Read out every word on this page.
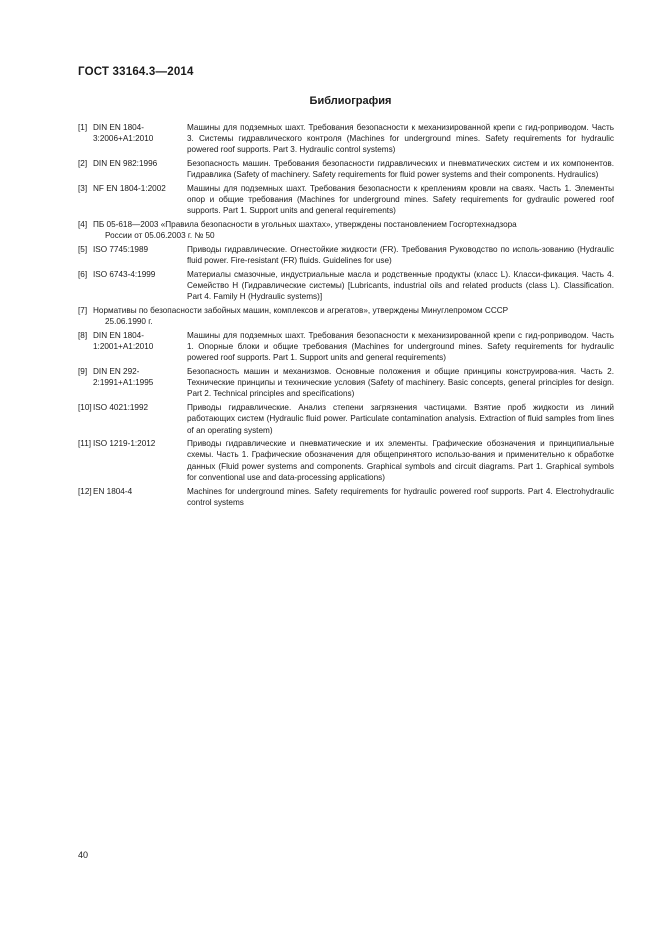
ГОСТ 33164.3—2014
Библиография
[1] DIN EN 1804-3:2006+A1:2010
Машины для подземных шахт. Требования безопасности к механизированной крепи с гид-роприводом. Часть 3. Системы гидравлического контроля (Machines for underground mines. Safety requirements for hydraulic powered roof supports. Part 3. Hydraulic control systems)
[2] DIN EN 982:1996	Безопасность машин. Требования безопасности гидравлических и пневматических систем и их компонентов. Гидравлика (Safety of machinery. Safety requirements for fluid power systems and their components. Hydraulics)
[3] NF EN 1804-1:2002	Машины для подземных шахт. Требования безопасности к креплениям кровли на сваях. Часть 1. Элементы опор и общие требования (Machines for underground mines. Safety requirements for gydraulic powered roof supports. Part 1. Support units and general requirements)
[4] ПБ 05-618—2003 «Правила безопасности в угольных шахтах», утверждены постановлением Госгортехнадзора
России от 05.06.2003 г. № 50
[5] ISO 7745:1989	Приводы гидравлические. Огнестойкие жидкости (FR). Требования Руководство по исполь-зованию (Hydraulic fluid power. Fire-resistant (FR) fluids. Guidelines for use)
[6] ISO 6743-4:1999	Материалы смазочные, индустриальные масла и родственные продукты (класс L). Класси-фикация. Часть 4. Семейство H (Гидравлические системы) [Lubricants, industrial oils and related products (class L). Classification. Part 4. Family H (Hydraulic systems)]
[7] Нормативы по безопасности забойных машин, комплексов и агрегатов», утверждены Минуглепромом СССР
25.06.1990 г.
[8] DIN EN 1804-1:2001+A1:2010
Машины для подземных шахт. Требования безопасности к механизированной крепи с гид-роприводом. Часть 1. Опорные блоки и общие требования (Machines for underground mines. Safety requirements for hydraulic powered roof supports. Part 1. Support units and general requirements)
[9] DIN EN 292-2:1991+A1:1995
Безопасность машин и механизмов. Основные положения и общие принципы конструирова-ния. Часть 2. Технические принципы и технические условия (Safety of machinery. Basic concepts, general principles for design. Part 2. Technical principles and specifications)
[10] ISO 4021:1992	Приводы гидравлические. Анализ степени загрязнения частицами. Взятие проб жидкости из линий работающих систем (Hydraulic fluid power. Particulate contamination analysis. Extraction of fluid samples from lines of an operating system)
[11] ISO 1219-1:2012	Приводы гидравлические и пневматические и их элементы. Графические обозначения и принципиальные схемы. Часть 1. Графические обозначения для общепринятого использо-вания и применительно к обработке данных (Fluid power systems and components. Graphical symbols and circuit diagrams. Part 1. Graphical symbols for conventional use and data-processing applications)
[12] EN 1804-4	Machines for underground mines. Safety requirements for hydraulic powered roof supports. Part 4. Electrohydraulic control systems
40
